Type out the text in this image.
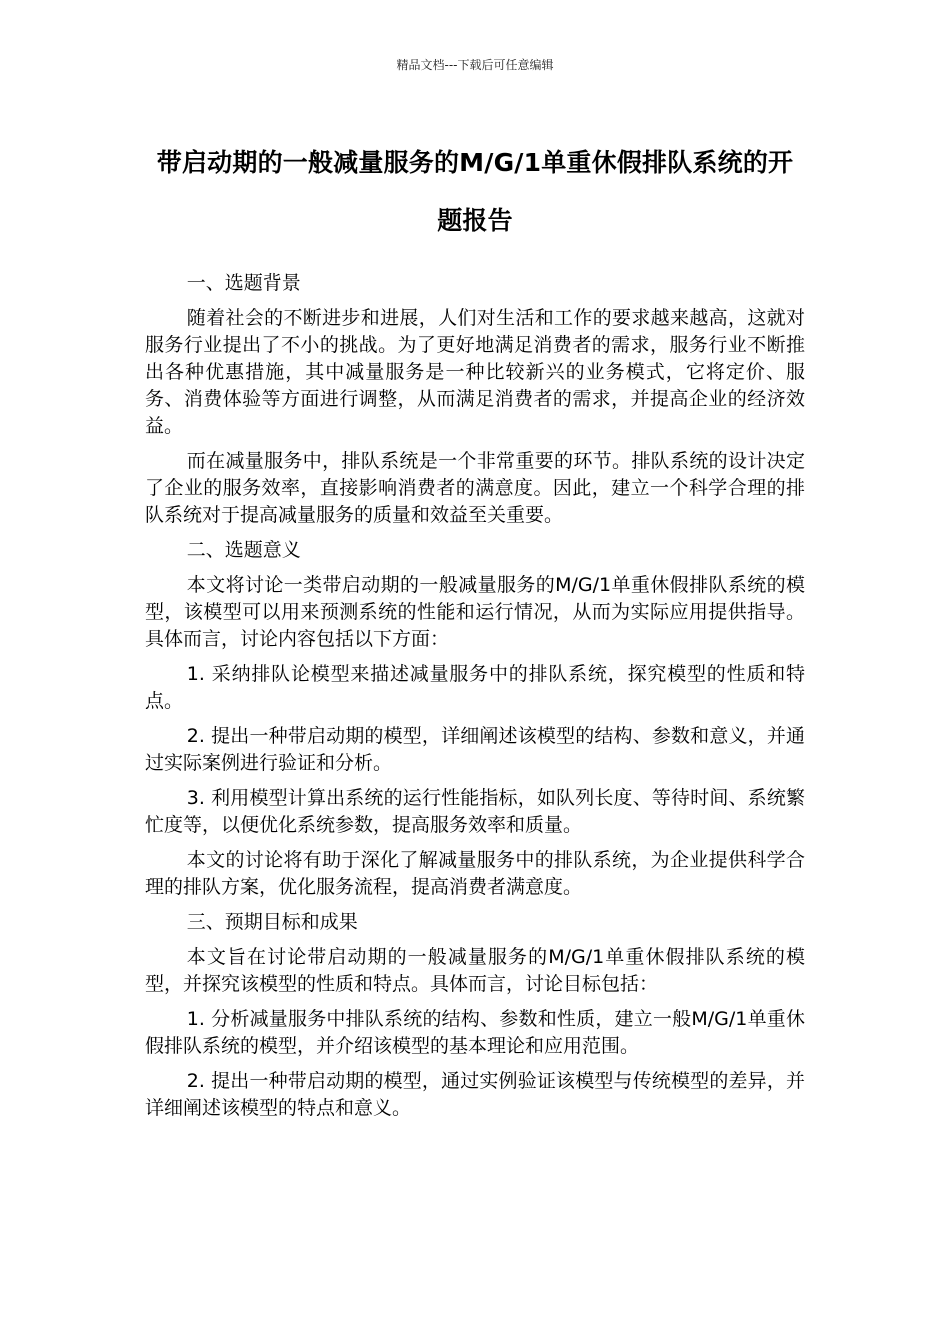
精品文档---下载后可任意编辑
带启动期的一般减量服务的M/G/1单重休假排队系统的开题报告

一、选题背景

随着社会的不断进步和进展，人们对生活和工作的要求越来越高，这就对服务行业提出了不小的挑战。为了更好地满足消费者的需求，服务行业不断推出各种优惠措施，其中减量服务是一种比较新兴的业务模式，它将定价、服务、消费体验等方面进行调整，从而满足消费者的需求，并提高企业的经济效益。

而在减量服务中，排队系统是一个非常重要的环节。排队系统的设计决定了企业的服务效率，直接影响消费者的满意度。因此，建立一个科学合理的排队系统对于提高减量服务的质量和效益至关重要。

二、选题意义

本文将讨论一类带启动期的一般减量服务的M/G/1单重休假排队系统的模型，该模型可以用来预测系统的性能和运行情况，从而为实际应用提供指导。具体而言，讨论内容包括以下方面：

1. 采纳排队论模型来描述减量服务中的排队系统，探究模型的性质和特点。

2. 提出一种带启动期的模型，详细阐述该模型的结构、参数和意义，并通过实际案例进行验证和分析。

3. 利用模型计算出系统的运行性能指标，如队列长度、等待时间、系统繁忙度等，以便优化系统参数，提高服务效率和质量。

本文的讨论将有助于深化了解减量服务中的排队系统，为企业提供科学合理的排队方案，优化服务流程，提高消费者满意度。

三、预期目标和成果

本文旨在讨论带启动期的一般减量服务的M/G/1单重休假排队系统的模型，并探究该模型的性质和特点。具体而言，讨论目标包括：

1. 分析减量服务中排队系统的结构、参数和性质，建立一般M/G/1单重休假排队系统的模型，并介绍该模型的基本理论和应用范围。

2. 提出一种带启动期的模型，通过实例验证该模型与传统模型的差异，并详细阐述该模型的特点和意义。
